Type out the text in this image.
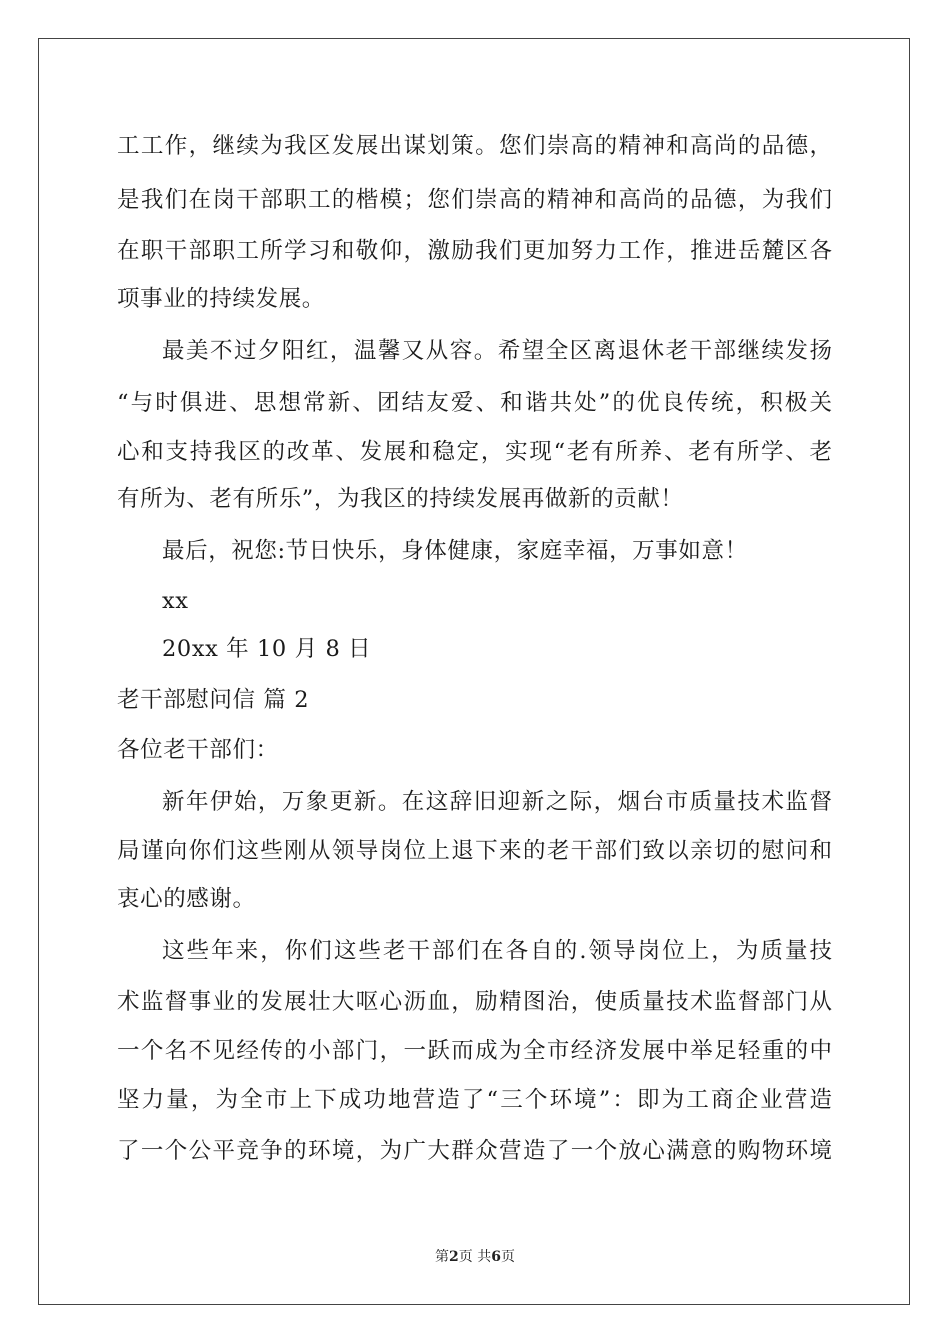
工工作，继续为我区发展出谋划策。您们崇高的精神和高尚的品德，
是我们在岗干部职工的楷模；您们崇高的精神和高尚的品德，为我们
在职干部职工所学习和敬仰，激励我们更加努力工作，推进岳麓区各
项事业的持续发展。
最美不过夕阳红，温馨又从容。希望全区离退休老干部继续发扬
“与时俱进、思想常新、团结友爱、和谐共处”的优良传统，积极关
心和支持我区的改革、发展和稳定，实现“老有所养、老有所学、老
有所为、老有所乐”，为我区的持续发展再做新的贡献！
最后，祝您:节日快乐，身体健康，家庭幸福，万事如意！
xx
20xx 年 10 月 8 日
老干部慰问信 篇 2
各位老干部们：
新年伊始，万象更新。在这辞旧迎新之际，烟台市质量技术监督
局谨向你们这些刚从领导岗位上退下来的老干部们致以亲切的慰问和
衷心的感谢。
这些年来，你们这些老干部们在各自的.领导岗位上，为质量技
术监督事业的发展壮大呕心沥血，励精图治，使质量技术监督部门从
一个名不见经传的小部门，一跃而成为全市经济发展中举足轻重的中
坚力量，为全市上下成功地营造了“三个环境”：即为工商企业营造
了一个公平竞争的环境，为广大群众营造了一个放心满意的购物环境
第2页 共6页
